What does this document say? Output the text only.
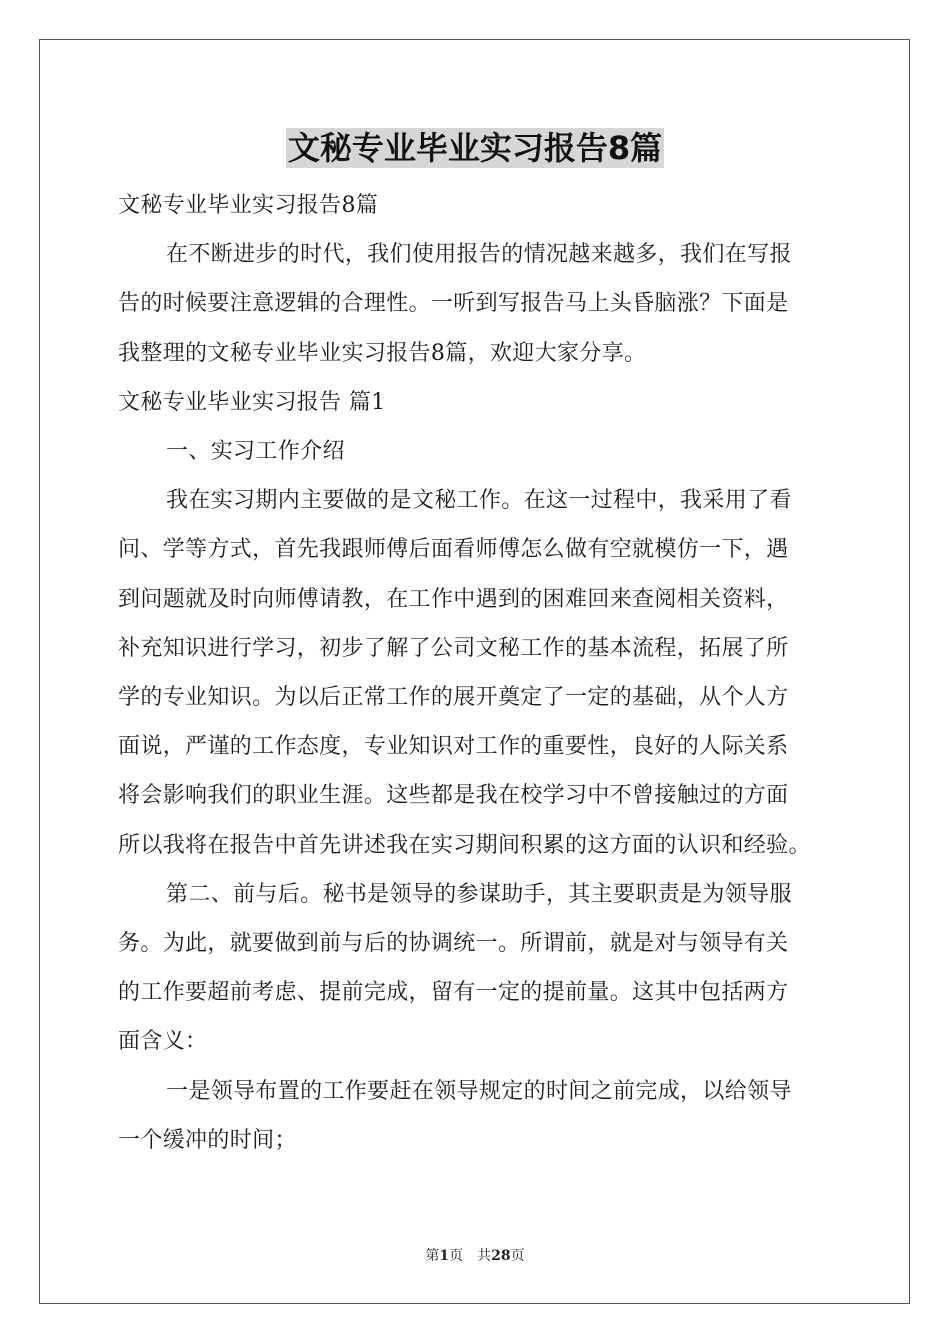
文秘专业毕业实习报告8篇

文秘专业毕业实习报告8篇

在不断进步的时代，我们使用报告的情况越来越多，我们在写报

告的时候要注意逻辑的合理性。一听到写报告马上头昏脑涨？下面是

我整理的文秘专业毕业实习报告8篇，欢迎大家分享。

文秘专业毕业实习报告 篇1

一、实习工作介绍

我在实习期内主要做的是文秘工作。在这一过程中，我采用了看

问、学等方式，首先我跟师傅后面看师傅怎么做有空就模仿一下，遇

到问题就及时向师傅请教，在工作中遇到的困难回来查阅相关资料，

补充知识进行学习，初步了解了公司文秘工作的基本流程，拓展了所

学的专业知识。为以后正常工作的展开奠定了一定的基础，从个人方

面说，严谨的工作态度，专业知识对工作的重要性，良好的人际关系

将会影响我们的职业生涯。这些都是我在校学习中不曾接触过的方面

所以我将在报告中首先讲述我在实习期间积累的这方面的认识和经验。

第二、前与后。秘书是领导的参谋助手，其主要职责是为领导服

务。为此，就要做到前与后的协调统一。所谓前，就是对与领导有关

的工作要超前考虑、提前完成，留有一定的提前量。这其中包括两方

面含义：

一是领导布置的工作要赶在领导规定的时间之前完成，以给领导

一个缓冲的时间；

第1页　共28页
